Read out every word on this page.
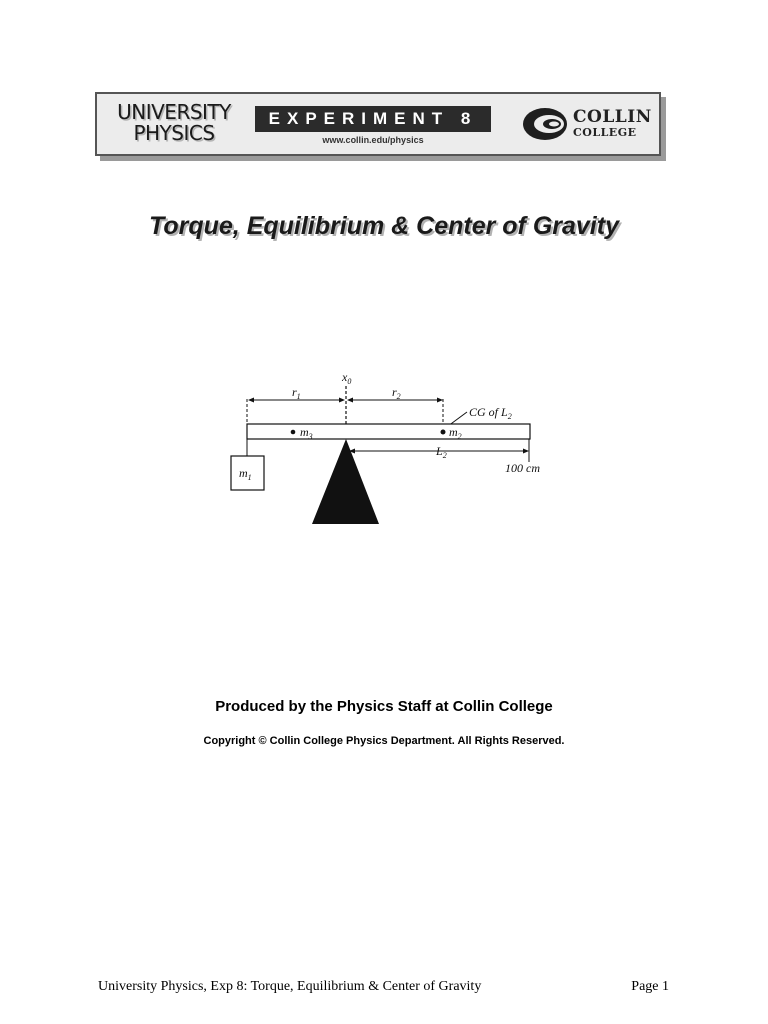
UNIVERSITY
PHYSICS
EXPERIMENT 8
www.collin.edu/physics
COLLIN
COLLEGE
Torque, Equilibrium & Center of Gravity
$x_0$
$r_1$	$r_2$
CG of $L_2$
$m_3$	$m_2$
$m_1$
$L_2$
100 cm
Produced by the Physics Staff at Collin College
Copyright © Collin College Physics Department. All Rights Reserved.
University Physics, Exp 8: Torque, Equilibrium & Center of Gravity	Page 1
